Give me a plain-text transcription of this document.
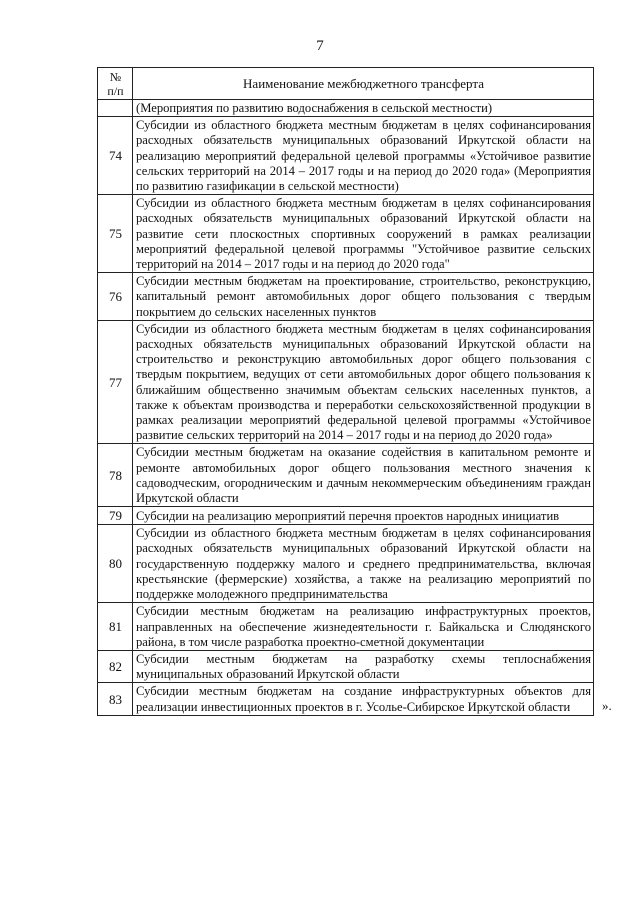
7
№
п/п	Наименование межбюджетного трансферта
	(Мероприятия по развитию водоснабжения в сельской местности)
74	Субсидии из областного бюджета местным бюджетам в целях софинансирования расходных обязательств муниципальных образований Иркутской области на реализацию мероприятий федеральной целевой программы «Устойчивое развитие сельских территорий на 2014 – 2017 годы и на период до 2020 года» (Мероприятия по развитию газификации в сельской местности)
75	Субсидии из областного бюджета местным бюджетам в целях софинансирования расходных обязательств муниципальных образований Иркутской области на развитие сети плоскостных спортивных сооружений в рамках реализации мероприятий федеральной целевой программы "Устойчивое развитие сельских территорий на 2014 – 2017 годы и на период до 2020 года"
76	Субсидии местным бюджетам на проектирование, строительство, реконструкцию, капитальный ремонт автомобильных дорог общего пользования с твердым покрытием до сельских населенных пунктов
77	Субсидии из областного бюджета местным бюджетам в целях софинансирования расходных обязательств муниципальных образований Иркутской области на строительство и реконструкцию автомобильных дорог общего пользования с твердым покрытием, ведущих от сети автомобильных дорог общего пользования к ближайшим общественно значимым объектам сельских населенных пунктов, а также к объектам производства и переработки сельскохозяйственной продукции в рамках реализации мероприятий федеральной целевой программы «Устойчивое развитие сельских территорий на 2014 – 2017 годы и на период до 2020 года»
78	Субсидии местным бюджетам на оказание содействия в капитальном ремонте и ремонте автомобильных дорог общего пользования местного значения к садоводческим, огородническим и дачным некоммерческим объединениям граждан Иркутской области
79	Субсидии на реализацию мероприятий перечня проектов народных инициатив
80	Субсидии из областного бюджета местным бюджетам в целях софинансирования расходных обязательств муниципальных образований Иркутской области на государственную поддержку малого и среднего предпринимательства, включая крестьянские (фермерские) хозяйства, а также на реализацию мероприятий по поддержке молодежного предпринимательства
81	Субсидии местным бюджетам на реализацию инфраструктурных проектов, направленных на обеспечение жизнедеятельности г. Байкальска и Слюдянского района, в том числе разработка проектно-сметной документации
82	Субсидии местным бюджетам на разработку схемы теплоснабжения муниципальных образований Иркутской области
83	Субсидии местным бюджетам на создание инфраструктурных объектов для реализации инвестиционных проектов в г. Усолье-Сибирское Иркутской области ».
